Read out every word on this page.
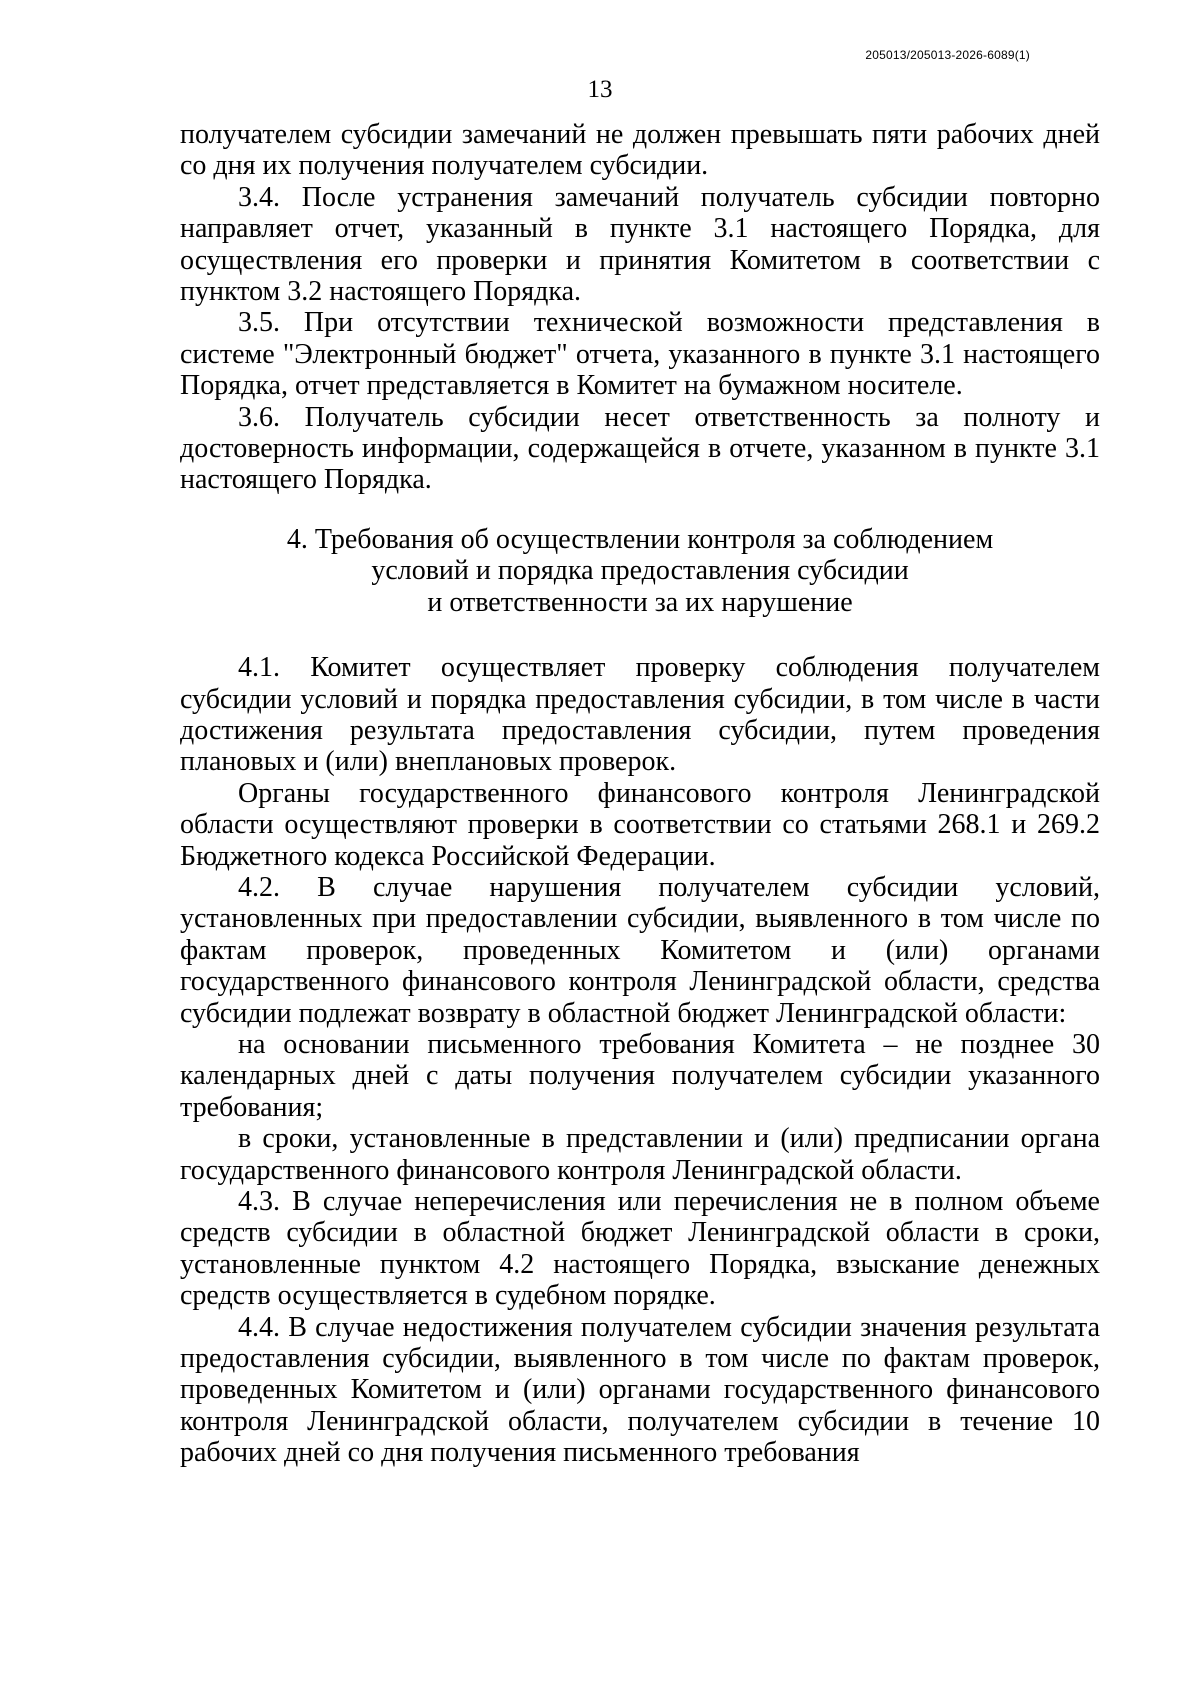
205013/205013-2026-6089(1)
13

получателем субсидии замечаний не должен превышать пяти рабочих дней со дня их получения получателем субсидии.

3.4. После устранения замечаний получатель субсидии повторно направляет отчет, указанный в пункте 3.1 настоящего Порядка, для осуществления его проверки и принятия Комитетом в соответствии с пунктом 3.2 настоящего Порядка.

3.5. При отсутствии технической возможности представления в системе "Электронный бюджет" отчета, указанного в пункте 3.1 настоящего Порядка, отчет представляется в Комитет на бумажном носителе.

3.6. Получатель субсидии несет ответственность за полноту и достоверность информации, содержащейся в отчете, указанном в пункте 3.1 настоящего Порядка.

4. Требования об осуществлении контроля за соблюдением

условий и порядка предоставления субсидии

и ответственности за их нарушение

4.1. Комитет осуществляет проверку соблюдения получателем субсидии условий и порядка предоставления субсидии, в том числе в части достижения результата предоставления субсидии, путем проведения плановых и (или) внеплановых проверок.

Органы государственного финансового контроля Ленинградской области осуществляют проверки в соответствии со статьями 268.1 и 269.2 Бюджетного кодекса Российской Федерации.

4.2. В случае нарушения получателем субсидии условий, установленных при предоставлении субсидии, выявленного в том числе по фактам проверок, проведенных Комитетом и (или) органами государственного финансового контроля Ленинградской области, средства субсидии подлежат возврату в областной бюджет Ленинградской области:

на основании письменного требования Комитета – не позднее 30 календарных дней с даты получения получателем субсидии указанного требования;

в сроки, установленные в представлении и (или) предписании органа государственного финансового контроля Ленинградской области.

4.3. В случае неперечисления или перечисления не в полном объеме средств субсидии в областной бюджет Ленинградской области в сроки, установленные пунктом 4.2 настоящего Порядка, взыскание денежных средств осуществляется в судебном порядке.

4.4. В случае недостижения получателем субсидии значения результата предоставления субсидии, выявленного в том числе по фактам проверок, проведенных Комитетом и (или) органами государственного финансового контроля Ленинградской области, получателем субсидии в течение 10 рабочих дней со дня получения письменного требования
